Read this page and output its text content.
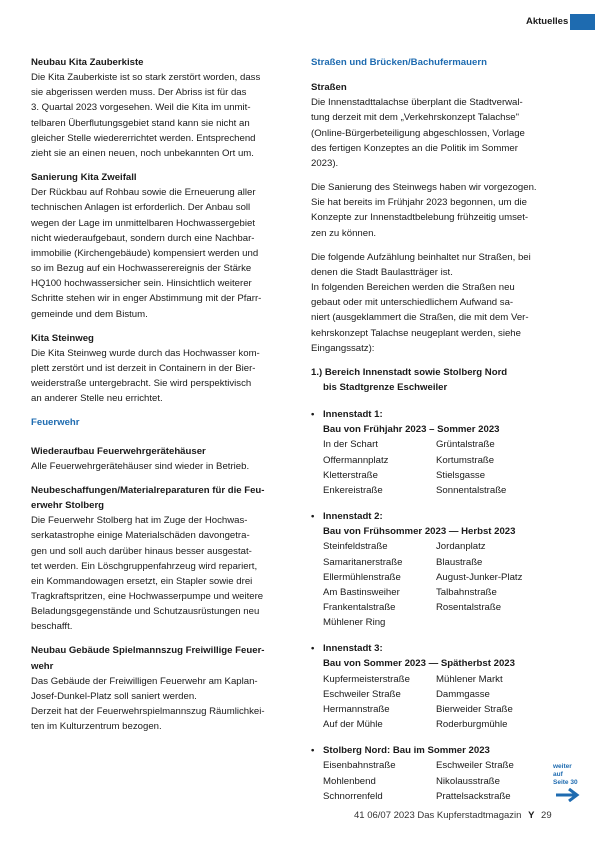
Aktuelles
Neubau Kita Zauberkiste
Die Kita Zauberkiste ist so stark zerstört worden, dass
sie abgerissen werden muss. Der Abriss ist für das
3. Quartal 2023 vorgesehen. Weil die Kita im unmit-
telbaren Überflutungsgebiet stand kann sie nicht an
gleicher Stelle wiedererrichtet werden. Entsprechend
zieht sie an einen neuen, noch unbekannten Ort um.
Sanierung Kita Zweifall
Der Rückbau auf Rohbau sowie die Erneuerung aller
technischen Anlagen ist erforderlich. Der Anbau soll
wegen der Lage im unmittelbaren Hochwassergebiet
nicht wiederaufgebaut, sondern durch eine Nachbar-
immobilie (Kirchengebäude) kompensiert werden und
so im Bezug auf ein Hochwasserereignis der Stärke
HQ100 hochwassersicher sein. Hinsichtlich weiterer
Schritte stehen wir in enger Abstimmung mit der Pfarr-
gemeinde und dem Bistum.
Kita Steinweg
Die Kita Steinweg wurde durch das Hochwasser kom-
plett zerstört und ist derzeit in Containern in der Bier-
weiderstraße untergebracht. Sie wird perspektivisch
an anderer Stelle neu errichtet.
Feuerwehr
Wiederaufbau Feuerwehrgerätehäuser
Alle Feuerwehrgerätehäuser sind wieder in Betrieb.
Neubeschaffungen/Materialreparaturen für die Feu-
erwehr Stolberg
Die Feuerwehr Stolberg hat im Zuge der Hochwas-
serkatastrophe einige Materialschäden davongetra-
gen und soll auch darüber hinaus besser ausgestat-
tet werden. Ein Löschgruppenfahrzeug wird repariert,
ein Kommandowagen ersetzt, ein Stapler sowie drei
Tragkraftspritzen, eine Hochwasserpumpe und weitere
Beladungsgegenstände und Schutzausrüstungen neu
beschafft.
Neubau Gebäude Spielmannszug Freiwillige Feuer-
wehr
Das Gebäude der Freiwilligen Feuerwehr am Kaplan-
Josef-Dunkel-Platz soll saniert werden.
Derzeit hat der Feuerwehrspielmannszug Räumlichkei-
ten im Kulturzentrum bezogen.
Straßen und Brücken/Bachufermauern
Straßen
Die Innenstadttalachse überplant die Stadtverwal-
tung derzeit mit dem „Verkehrskonzept Talachse"
(Online-Bürgerbeteiligung abgeschlossen, Vorlage
des fertigen Konzeptes an die Politik im Sommer
2023).
Die Sanierung des Steinwegs haben wir vorgezogen.
Sie hat bereits im Frühjahr 2023 begonnen, um die
Konzepte zur Innenstadtbelebung frühzeitig umset-
zen zu können.
Die folgende Aufzählung beinhaltet nur Straßen, bei
denen die Stadt Baulastträger ist.
In folgenden Bereichen werden die Straßen neu
gebaut oder mit unterschiedlichem Aufwand sa-
niert (ausgeklammert die Straßen, die mit dem Ver-
kehrskonzept Talachse neugeplant werden, siehe
Eingangssatz):
1.) Bereich Innenstadt sowie Stolberg Nord
bis Stadtgrenze Eschweiler
• Innenstadt 1:
Bau von Frühjahr 2023 – Sommer 2023
In der Schart	Grüntalstraße
Offermannplatz	Kortumstraße
Kletterstraße	Stielsgasse
Enkereistraße	Sonnentalstraße
• Innenstadt 2:
Bau von Frühsommer 2023 — Herbst 2023
Steinfeldstraße	Jordanplatz
Samaritanerstraße	Blaustraße
Ellermühlenstraße	August-Junker-Platz
Am Bastinsweiher	Talbahnstraße
Frankentalstraße	Rosentalstraße
Mühlener Ring
• Innenstadt 3:
Bau von Sommer 2023 — Spätherbst 2023
Kupfermeisterstraße	Mühlener Markt
Eschweiler Straße	Dammgasse
Hermannstraße	Bierweider Straße
Auf der Mühle	Roderburgmühle
• Stolberg Nord: Bau im Sommer 2023
Eisenbahnstraße	Eschweiler Straße
Mohlenbend	Nikolausstraße
Schnorrenfeld	Prattelsackstraße
weiter
auf
Seite 30
41 06/07 2023 Das Kupferstadtmagazin Y 29
